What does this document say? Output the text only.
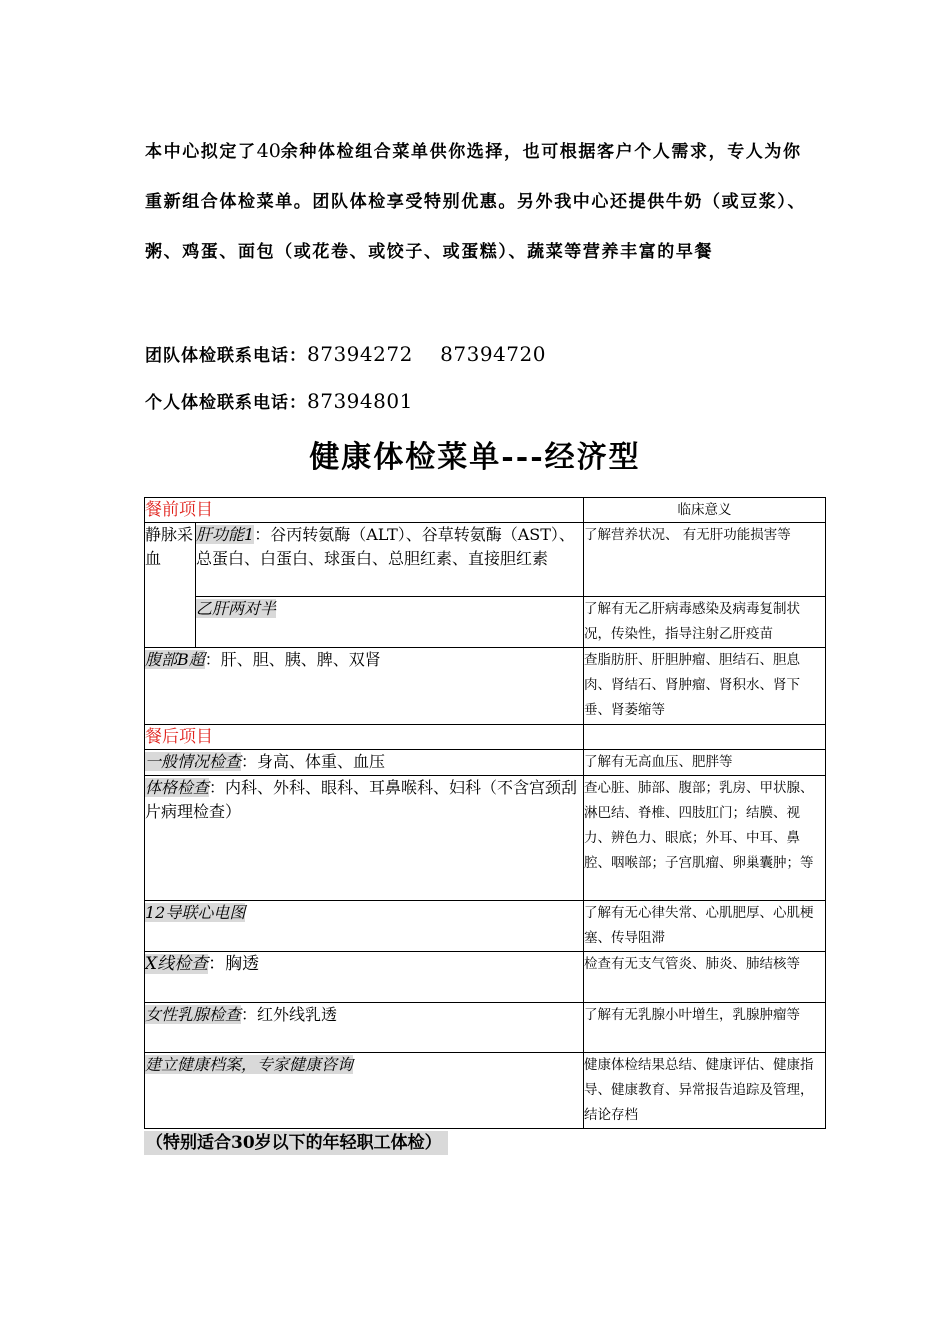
本中心拟定了40余种体检组合菜单供你选择，也可根据客户个人需求，专人为你重新组合体检菜单。团队体检享受特别优惠。另外我中心还提供牛奶（或豆浆）、粥、鸡蛋、面包（或花卷、或饺子、或蛋糕）、蔬菜等营养丰富的早餐
团队体检联系电话：87394272　 87394720
个人体检联系电话：87394801
健康体检菜单---经济型
餐前项目		临床意义
静脉采血	肝功能1：谷丙转氨酶（ALT）、谷草转氨酶（AST）、总蛋白、白蛋白、球蛋白、总胆红素、直接胆红素	了解营养状况、 有无肝功能损害等
	乙肝两对半	了解有无乙肝病毒感染及病毒复制状况，传染性，指导注射乙肝疫苗
腹部B超：肝、胆、胰、脾、双肾		查脂肪肝、肝胆肿瘤、胆结石、胆息肉、肾结石、肾肿瘤、肾积水、肾下垂、肾萎缩等
餐后项目		
一般情况检查：身高、体重、血压		了解有无高血压、肥胖等
体格检查：内科、外科、眼科、耳鼻喉科、妇科（不含宫颈刮片病理检查）		查心脏、肺部、腹部；乳房、甲状腺、淋巴结、脊椎、四肢肛门；结膜、视力、辨色力、眼底；外耳、中耳、鼻腔、咽喉部；子宫肌瘤、卵巢囊肿；等
12导联心电图		了解有无心律失常、心肌肥厚、心肌梗塞、传导阻滞
X线检查：胸透		检查有无支气管炎、肺炎、肺结核等
女性乳腺检查：红外线乳透		了解有无乳腺小叶增生，乳腺肿瘤等
建立健康档案，专家健康咨询		健康体检结果总结、健康评估、健康指导、健康教育、异常报告追踪及管理，结论存档
（特别适合30岁以下的年轻职工体检）
